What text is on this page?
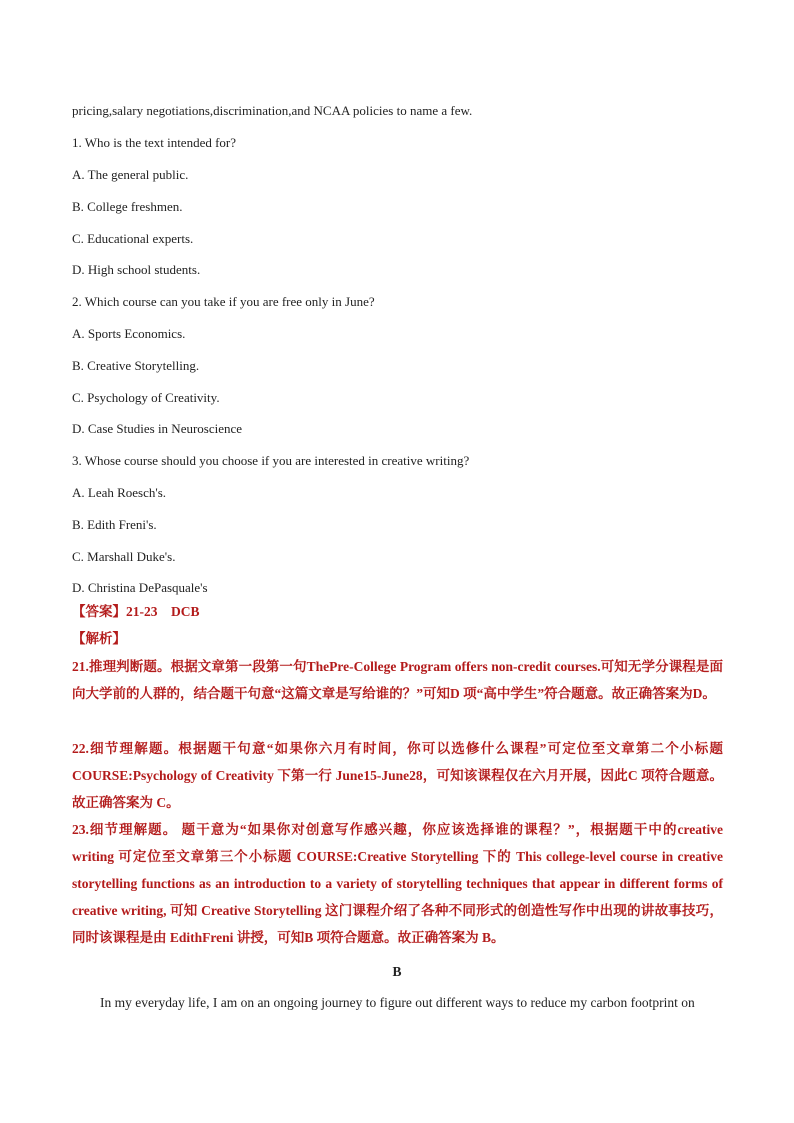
pricing,salary negotiations,discrimination,and NCAA policies to name a few.
1. Who is the text intended for?
A. The general public.
B. College freshmen.
C. Educational experts.
D. High school students.
2. Which course can you take if you are free only in June?
A. Sports Economics.
B. Creative Storytelling.
C. Psychology of Creativity.
D. Case Studies in Neuroscience
3. Whose course should you choose if you are interested in creative writing?
A. Leah Roesch's.
B. Edith Freni's.
C. Marshall Duke's.
D. Christina DePasquale's
【答案】21-23　DCB
【解析】
21.推理判断题。根据文章第一段第一句ThePre-College Program offers non-credit courses.可知无学分课程是面向大学前的人群的，结合题干句意“这篇文章是写给谁的？”可知D 项“高中学生”符合题意。故正确答案为D。
22.细节理解题。根据题干句意“如果你六月有时间，你可以选修什么课程”可定位至文章第二个小标题COURSE:Psychology of Creativity 下第一行 June15-June28，可知该课程仅在六月开展，因此C 项符合题意。故正确答案为 C。
23.细节理解题。 题干意为“如果你对创意写作感兴趣，你应该选择谁的课程？”，根据题干中的creative writing 可定位至文章第三个小标题 COURSE:Creative Storytelling 下的 This college-level course in creative storytelling functions as an introduction to a variety of storytelling techniques that appear in different forms of creative writing, 可知 Creative Storytelling 这门课程介绍了各种不同形式的创造性写作中出现的讲故事技巧，同时该课程是由 EdithFreni 讲授，可知B 项符合题意。故正确答案为 B。
B
In my everyday life, I am on an ongoing journey to figure out different ways to reduce my carbon footprint on
